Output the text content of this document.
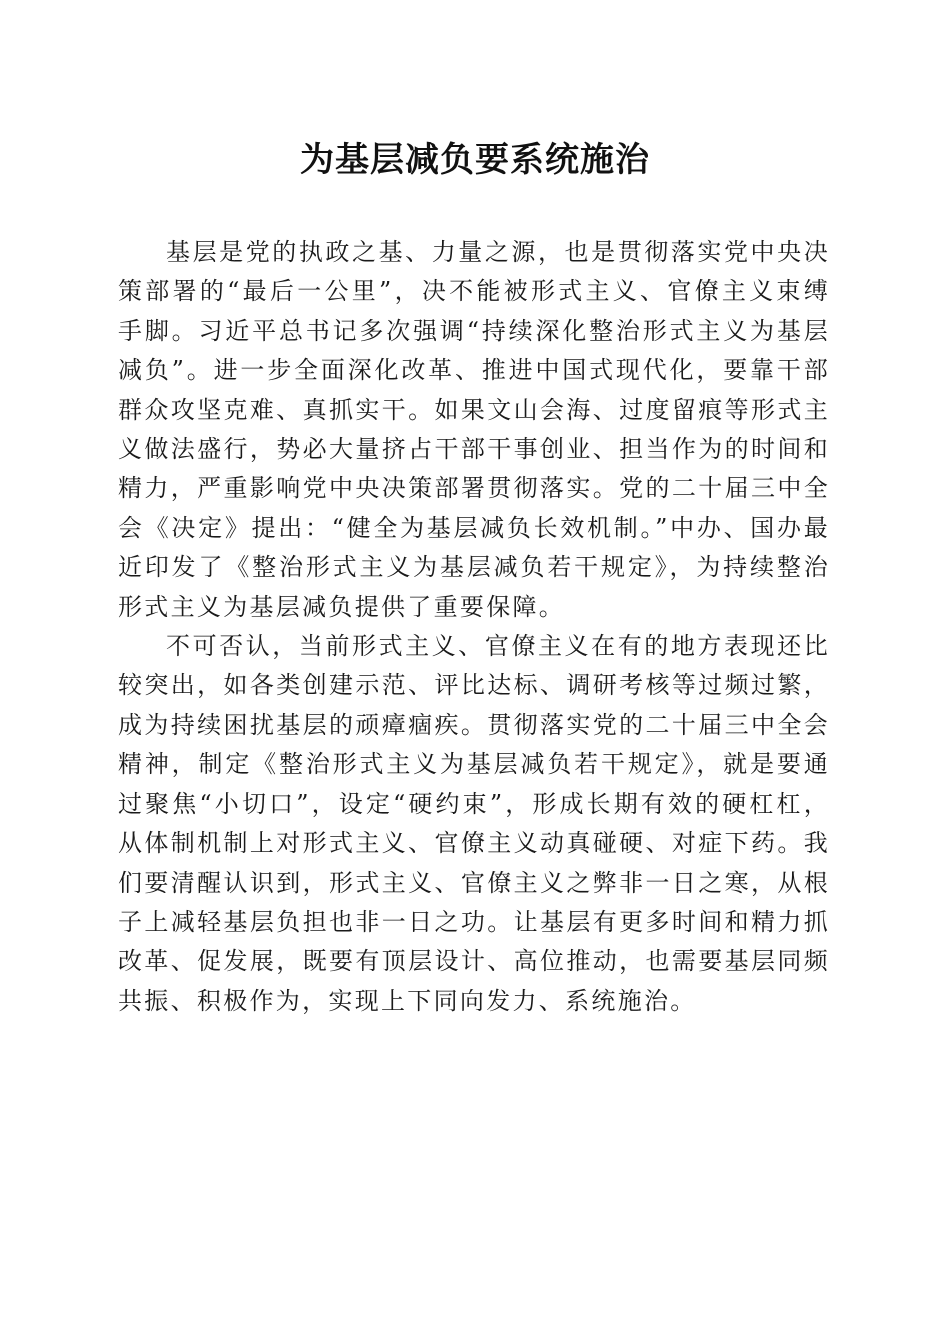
为基层减负要系统施治

基层是党的执政之基、力量之源，也是贯彻落实党中央决策部署的“最后一公里”，决不能被形式主义、官僚主义束缚手脚。习近平总书记多次强调“持续深化整治形式主义为基层减负”。进一步全面深化改革、推进中国式现代化，要靠干部群众攻坚克难、真抓实干。如果文山会海、过度留痕等形式主义做法盛行，势必大量挤占干部干事创业、担当作为的时间和精力，严重影响党中央决策部署贯彻落实。党的二十届三中全会《决定》提出：“健全为基层减负长效机制。”中办、国办最近印发了《整治形式主义为基层减负若干规定》，为持续整治形式主义为基层减负提供了重要保障。

不可否认，当前形式主义、官僚主义在有的地方表现还比较突出，如各类创建示范、评比达标、调研考核等过频过繁，成为持续困扰基层的顽瘴痼疾。贯彻落实党的二十届三中全会精神，制定《整治形式主义为基层减负若干规定》，就是要通过聚焦“小切口”，设定“硬约束”，形成长期有效的硬杠杠，从体制机制上对形式主义、官僚主义动真碰硬、对症下药。我们要清醒认识到，形式主义、官僚主义之弊非一日之寒，从根子上减轻基层负担也非一日之功。让基层有更多时间和精力抓改革、促发展，既要有顶层设计、高位推动，也需要基层同频共振、积极作为，实现上下同向发力、系统施治。
